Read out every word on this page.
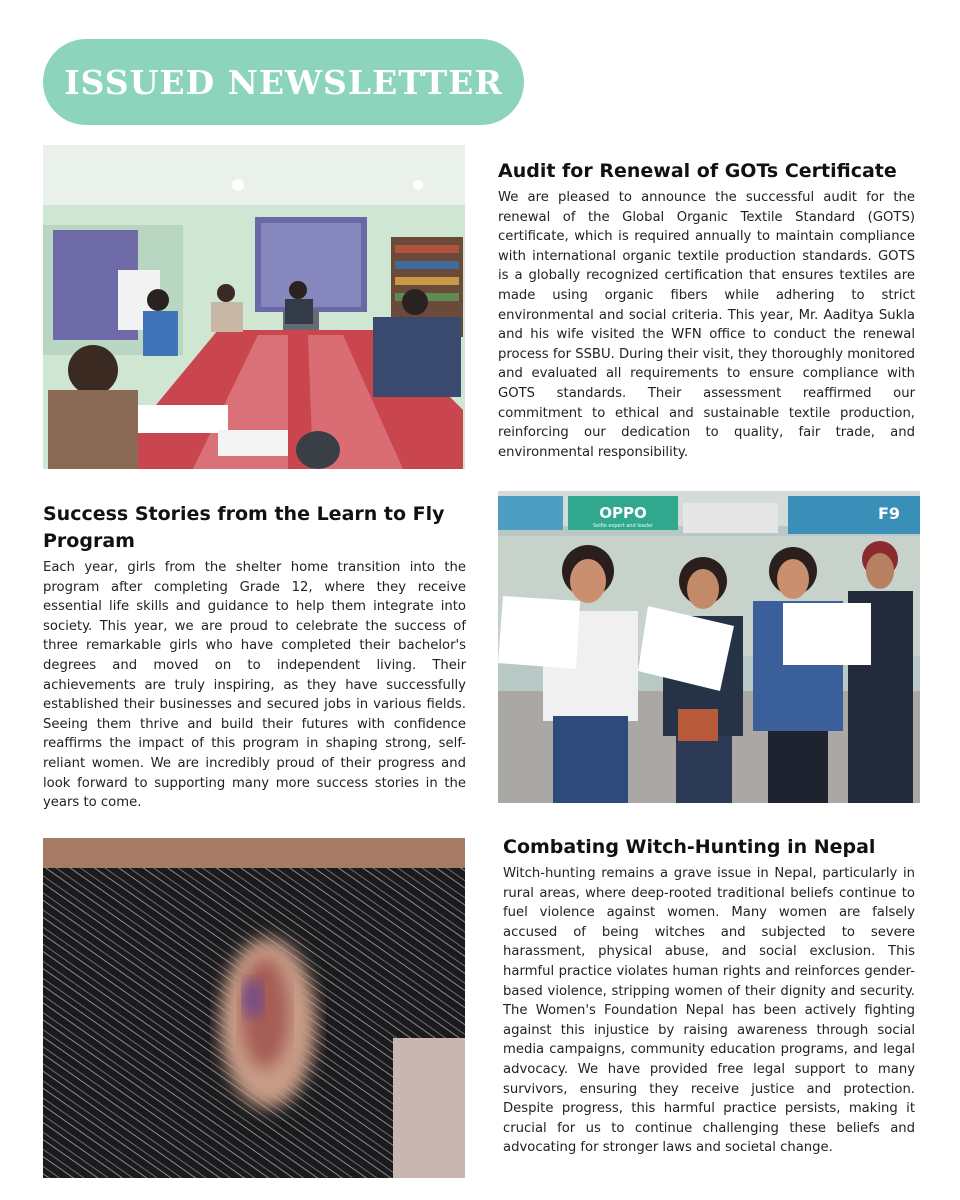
ISSUED NEWSLETTER
Audit for Renewal of GOTs Certificate

We are pleased to announce the successful audit for the renewal of the Global Organic Textile Standard (GOTS) certificate, which is required annually to maintain compliance with international organic textile production standards. GOTS is a globally recognized certification that ensures textiles are made using organic fibers while adhering to strict environmental and social criteria. This year, Mr. Aaditya Sukla and his wife visited the WFN office to conduct the renewal process for SSBU. During their visit, they thoroughly monitored and evaluated all requirements to ensure compliance with GOTS standards. Their assessment reaffirmed our commitment to ethical and sustainable textile production, reinforcing our dedication to quality, fair trade, and environmental responsibility.

Success Stories from the Learn to Fly Program

Each year, girls from the shelter home transition into the program after completing Grade 12, where they receive essential life skills and guidance to help them integrate into society. This year, we are proud to celebrate the success of three remarkable girls who have completed their bachelor's degrees and moved on to independent living. Their achievements are truly inspiring, as they have successfully established their businesses and secured jobs in various fields. Seeing them thrive and build their futures with confidence reaffirms the impact of this program in shaping strong, self-reliant women. We are incredibly proud of their progress and look forward to supporting many more success stories in the years to come.

OPPO
Selfie expert and leader
F9
Combating Witch-Hunting in Nepal

Witch-hunting remains a grave issue in Nepal, particularly in rural areas, where deep-rooted traditional beliefs continue to fuel violence against women. Many women are falsely accused of being witches and subjected to severe harassment, physical abuse, and social exclusion. This harmful practice violates human rights and reinforces gender-based violence, stripping women of their dignity and security. The Women's Foundation Nepal has been actively fighting against this injustice by raising awareness through social media campaigns, community education programs, and legal advocacy. We have provided free legal support to many survivors, ensuring they receive justice and protection. Despite progress, this harmful practice persists, making it crucial for us to continue challenging these beliefs and advocating for stronger laws and societal change.
